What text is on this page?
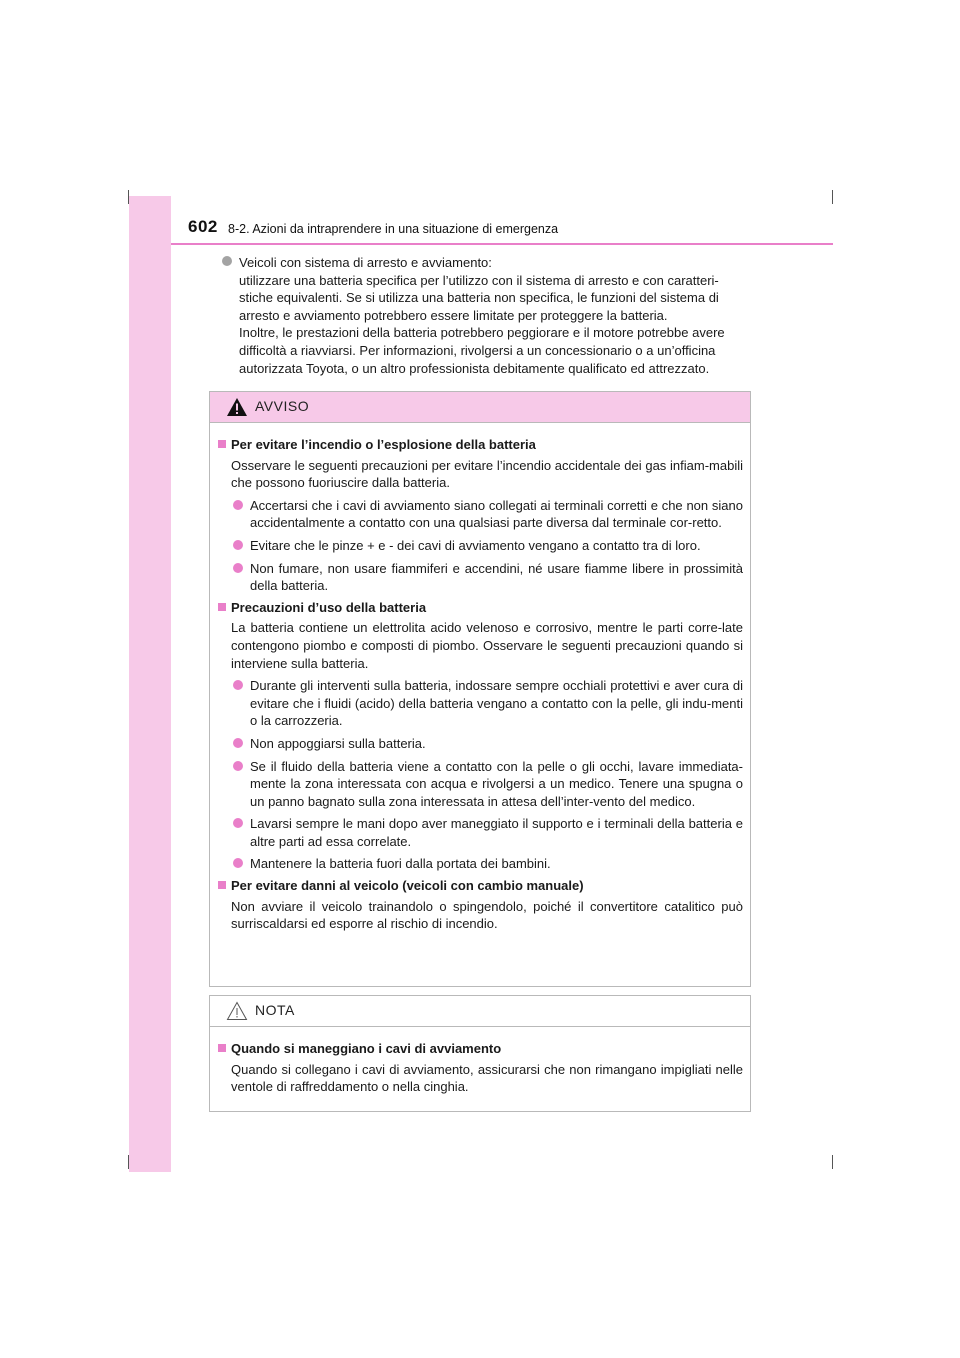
602 8-2. Azioni da intraprendere in una situazione di emergenza
Veicoli con sistema di arresto e avviamento:
utilizzare una batteria specifica per l’utilizzo con il sistema di arresto e con caratteri-
stiche equivalenti. Se si utilizza una batteria non specifica, le funzioni del sistema di
arresto e avviamento potrebbero essere limitate per proteggere la batteria.
Inoltre, le prestazioni della batteria potrebbero peggiorare e il motore potrebbe avere
difficoltà a riavviarsi. Per informazioni, rivolgersi a un concessionario o a un’officina
autorizzata Toyota, o un altro professionista debitamente qualificato ed attrezzato.
AVVISO
Per evitare l’incendio o l’esplosione della batteria
Osservare le seguenti precauzioni per evitare l’incendio accidentale dei gas infiam-mabili che possono fuoriuscire dalla batteria.
Accertarsi che i cavi di avviamento siano collegati ai terminali corretti e che non siano accidentalmente a contatto con una qualsiasi parte diversa dal terminale cor-retto.
Evitare che le pinze + e - dei cavi di avviamento vengano a contatto tra di loro.
Non fumare, non usare fiammiferi e accendini, né usare fiamme libere in prossimità della batteria.
Precauzioni d’uso della batteria
La batteria contiene un elettrolita acido velenoso e corrosivo, mentre le parti corre-late contengono piombo e composti di piombo. Osservare le seguenti precauzioni quando si interviene sulla batteria.
Durante gli interventi sulla batteria, indossare sempre occhiali protettivi e aver cura di evitare che i fluidi (acido) della batteria vengano a contatto con la pelle, gli indu-menti o la carrozzeria.
Non appoggiarsi sulla batteria.
Se il fluido della batteria viene a contatto con la pelle o gli occhi, lavare immediata-mente la zona interessata con acqua e rivolgersi a un medico. Tenere una spugna o un panno bagnato sulla zona interessata in attesa dell’inter-vento del medico.
Lavarsi sempre le mani dopo aver maneggiato il supporto e i terminali della batteria e altre parti ad essa correlate.
Mantenere la batteria fuori dalla portata dei bambini.
Per evitare danni al veicolo (veicoli con cambio manuale)
Non avviare il veicolo trainandolo o spingendolo, poiché il convertitore catalitico può surriscaldarsi ed esporre al rischio di incendio.
NOTA
Quando si maneggiano i cavi di avviamento
Quando si collegano i cavi di avviamento, assicurarsi che non rimangano impigliati nelle ventole di raffreddamento o nella cinghia.
